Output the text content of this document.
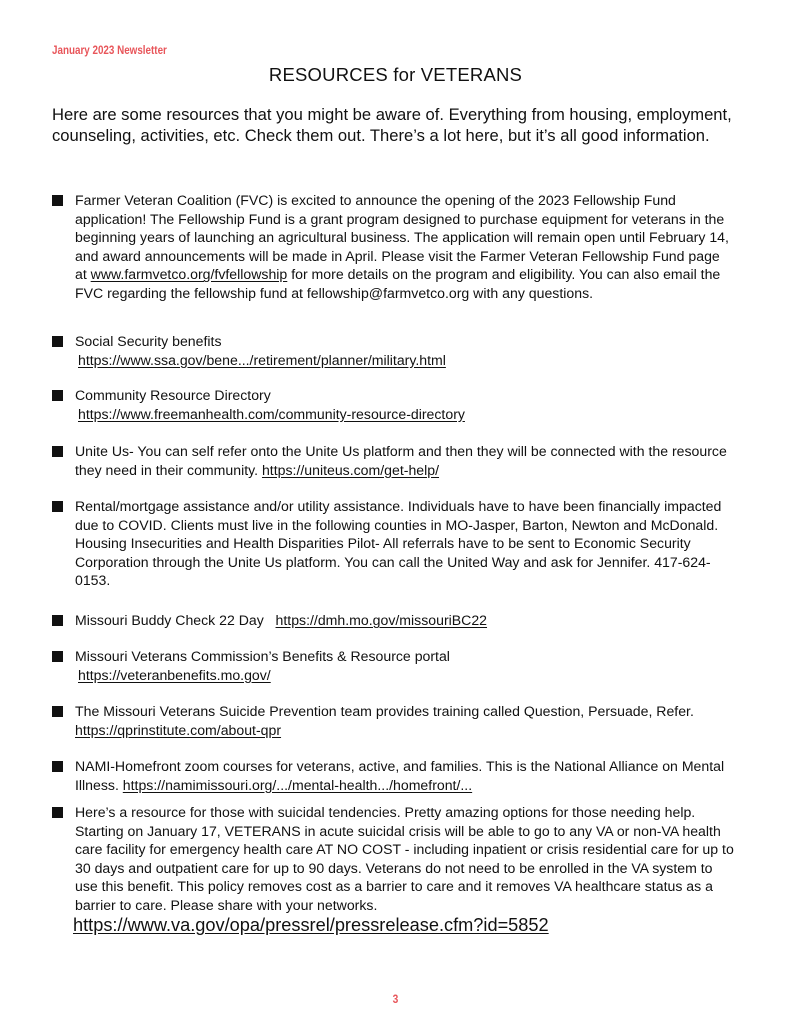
January 2023 Newsletter
RESOURCES for VETERANS
Here are some resources that you might be aware of. Everything from housing, employment, counseling, activities, etc. Check them out. There’s a lot here, but it’s all good information.
Farmer Veteran Coalition (FVC) is excited to announce the opening of the 2023 Fellowship Fund application! The Fellowship Fund is a grant program designed to purchase equipment for veterans in the beginning years of launching an agricultural business. The application will remain open until February 14, and award announcements will be made in April. Please visit the Farmer Veteran Fellowship Fund page at www.farmvetco.org/fvfellowship for more details on the program and eligibility. You can also email the FVC regarding the fellowship fund at fellowship@farmvetco.org with any questions.
Social Security benefits
https://www.ssa.gov/bene.../retirement/planner/military.html
Community Resource Directory
https://www.freemanhealth.com/community-resource-directory
Unite Us- You can self refer onto the Unite Us platform and then they will be connected with the resource they need in their community. https://uniteus.com/get-help/
Rental/mortgage assistance and/or utility assistance. Individuals have to have been financially impacted due to COVID. Clients must live in the following counties in MO-Jasper, Barton, Newton and McDonald. Housing Insecurities and Health Disparities Pilot- All referrals have to be sent to Economic Security Corporation through the Unite Us platform. You can call the United Way and ask for Jennifer. 417-624-0153.
Missouri Buddy Check 22 Day   https://dmh.mo.gov/missouriBC22
Missouri Veterans Commission’s Benefits & Resource portal
https://veteranbenefits.mo.gov/
The Missouri Veterans Suicide Prevention team provides training called Question, Persuade, Refer. https://qprinstitute.com/about-qpr
NAMI-Homefront zoom courses for veterans, active, and families. This is the National Alliance on Mental Illness. https://namimissouri.org/.../mental-health.../homefront/...
Here’s a resource for those with suicidal tendencies. Pretty amazing options for those needing help. Starting on January 17, VETERANS in acute suicidal crisis will be able to go to any VA or non-VA health care facility for emergency health care AT NO COST - including inpatient or crisis residential care for up to 30 days and outpatient care for up to 90 days. Veterans do not need to be enrolled in the VA system to use this benefit. This policy removes cost as a barrier to care and it removes VA healthcare status as a barrier to care. Please share with your networks.
https://www.va.gov/opa/pressrel/pressrelease.cfm?id=5852
3
